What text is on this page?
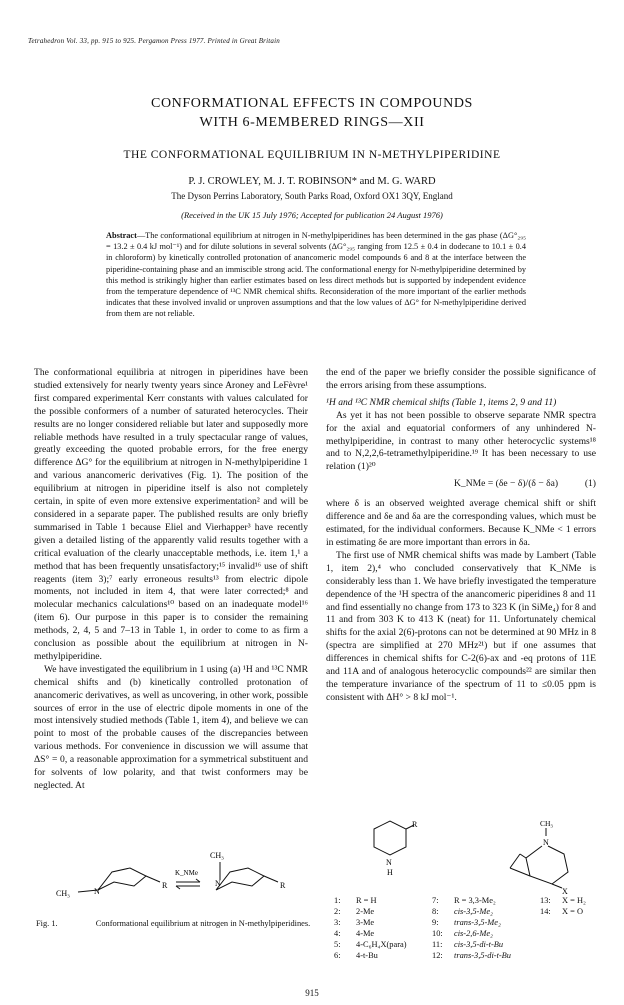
Tetrahedron Vol. 33, pp. 915 to 925. Pergamon Press 1977. Printed in Great Britain
CONFORMATIONAL EFFECTS IN COMPOUNDS
WITH 6-MEMBERED RINGS—XII
THE CONFORMATIONAL EQUILIBRIUM IN N-METHYLPIPERIDINE
P. J. CROWLEY, M. J. T. ROBINSON* and M. G. WARD
The Dyson Perrins Laboratory, South Parks Road, Oxford OX1 3QY, England
(Received in the UK 15 July 1976; Accepted for publication 24 August 1976)
Abstract—The conformational equilibrium at nitrogen in N-methylpiperidines has been determined in the gas phase (ΔG°₂₉₅ = 13.2 ± 0.4 kJ mol⁻¹) and for dilute solutions in several solvents (ΔG°₂₉₅ ranging from 12.5 ± 0.4 in dodecane to 10.1 ± 0.4 in chloroform) by kinetically controlled protonation of anancomeric model compounds 6 and 8 at the interface between the piperidine-containing phase and an immiscible strong acid. The conformational energy for N-methylpiperidine determined by this method is strikingly higher than earlier estimates based on less direct methods but is supported by independent evidence from the temperature dependence of ¹³C NMR chemical shifts. Reconsideration of the more important of the earlier methods indicates that these involved invalid or unproven assumptions and that the low values of ΔG° for N-methylpiperidine derived from them are not reliable.

The conformational equilibria at nitrogen in piperidines have been studied extensively for nearly twenty years since Aroney and LeFèvre¹ first compared experimental Kerr constants with values calculated for the possible conformers of a number of saturated heterocycles. Their results are no longer considered reliable but later and supposedly more reliable methods have resulted in a truly spectacular range of values, greatly exceeding the quoted probable errors, for the free energy difference ΔG° for the equilibrium at nitrogen in N-methylpiperidine 1 and various anancomeric derivatives (Fig. 1). The position of the equilibrium at nitrogen in piperidine itself is also not completely certain, in spite of even more extensive experimentation² and will be considered in a separate paper. The published results are only briefly summarised in Table 1 because Eliel and Vierhapper³ have recently given a detailed listing of the apparently valid results together with a critical evaluation of the clearly unacceptable methods, i.e. item 1,¹ a method that has been frequently unsatisfactory;¹⁵ invalid¹⁶ use of shift reagents (item 3);⁷ early erroneous results¹³ from electric dipole moments, not included in item 4, that were later corrected;⁸ and molecular mechanics calculations¹⁰ based on an inadequate model¹⁶ (item 6). Our purpose in this paper is to consider the remaining methods, 2, 4, 5 and 7–13 in Table 1, in order to come to as firm a conclusion as possible about the equilibrium at nitrogen in N-methylpiperidine.

We have investigated the equilibrium in 1 using (a) ¹H and ¹³C NMR chemical shifts and (b) kinetically controlled protonation of anancomeric derivatives, as well as uncovering, in other work, possible sources of error in the use of electric dipole moments in one of the most intensively studied methods (Table 1, item 4), and believe we can point to most of the probable causes of the discrepancies between various methods. For convenience in discussion we will assume that ΔS° = 0, a reasonable approximation for a symmetrical substituent and for solvents of low polarity, and that twist conformers may be neglected. At

the end of the paper we briefly consider the possible significance of the errors arising from these assumptions.

¹H and ¹³C NMR chemical shifts (Table 1, items 2, 9 and 11)

As yet it has not been possible to observe separate NMR spectra for the axial and equatorial conformers of any unhindered N-methylpiperidine, in contrast to many other heterocyclic systems¹⁸ and to N,2,2,6-tetramethylpiperidine.¹⁹ It has been necessary to use relation (1)²⁰

K_NMe = (δe − δ)/(δ − δa)	(1)

where δ is an observed weighted average chemical shift or shift difference and δe and δa are the corresponding values, which must be estimated, for the individual conformers. Because K_NMe < 1 errors in estimating δe are more important than errors in δa.

The first use of NMR chemical shifts was made by Lambert (Table 1, item 2),⁴ who concluded conservatively that K_NMe is considerably less than 1. We have briefly investigated the temperature dependence of the ¹H spectra of the anancomeric piperidines 8 and 11 and find essentially no change from 173 to 323 K (in SiMe₄) for 8 and 11 and from 303 K to 413 K (neat) for 11. Unfortunately chemical shifts for the axial 2(6)-protons can not be determined at 90 MHz in 8 (spectra are simplified at 270 MHz²¹) but if one assumes that differences in chemical shifts for C-2(6)-ax and -eq protons of 11E and 11A and of analogous heterocyclic compounds²² are similar then the temperature invariance of the spectrum of 11 to ≤0.05 ppm is consistent with ΔH° > 8 kJ mol⁻¹.

CH₃	N
R
K_NMe
CH₃
N	R
Fig. 1.	Conformational equilibrium at nitrogen in N-methylpiperidines.
R
N
H
CH₃
N
X
1: R = H
2: 2-Me
3: 3-Me
4: 4-Me
5: 4-C₆H₄X(para)
6: 4-t-Bu
7: R = 3,3-Me₂
8: cis-3,5-Me₂
9: trans-3,5-Me₂
10: cis-2,6-Me₂
11: cis-3,5-di-t-Bu
12: trans-3,5-di-t-Bu
13: X = H₂
14: X = O
915
